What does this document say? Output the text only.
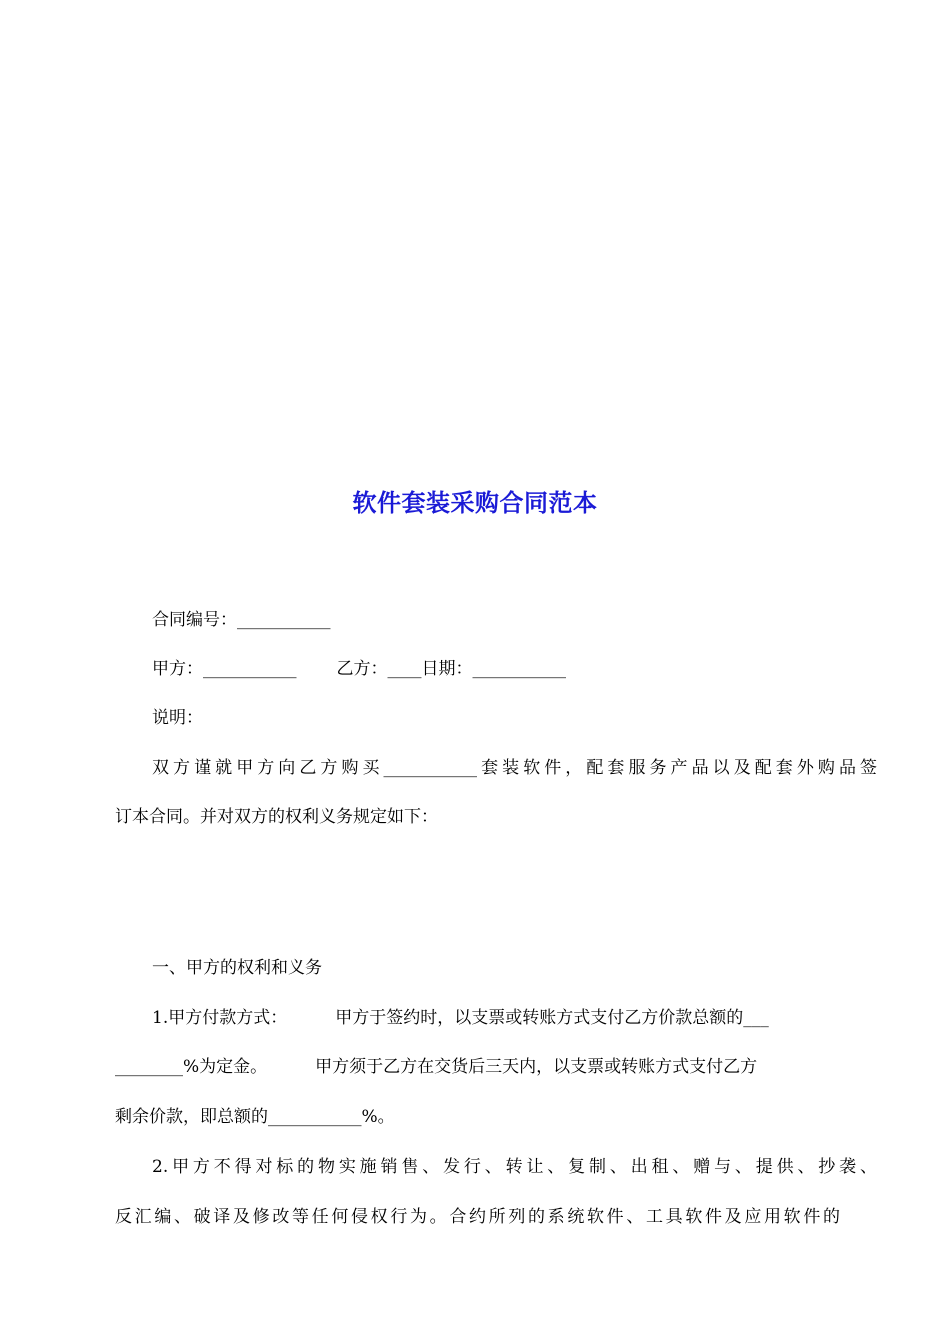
软件套装采购合同范本
合同编号：___________
甲方：___________ 乙方：____日期：___________
说明：
双方谨就甲方向乙方购买___________套装软件，配套服务产品以及配套外购品签
订本合同。并对双方的权利义务规定如下：
一、甲方的权利和义务
1.甲方付款方式：	甲方于签约时，以支票或转账方式支付乙方价款总额的___
________%为定金。	甲方须于乙方在交货后三天内，以支票或转账方式支付乙方
剩余价款，即总额的___________%。
2.甲方不得对标的物实施销售、发行、转让、复制、出租、赠与、提供、抄袭、
反汇编、破译及修改等任何侵权行为。合约所列的系统软件、工具软件及应用软件的
